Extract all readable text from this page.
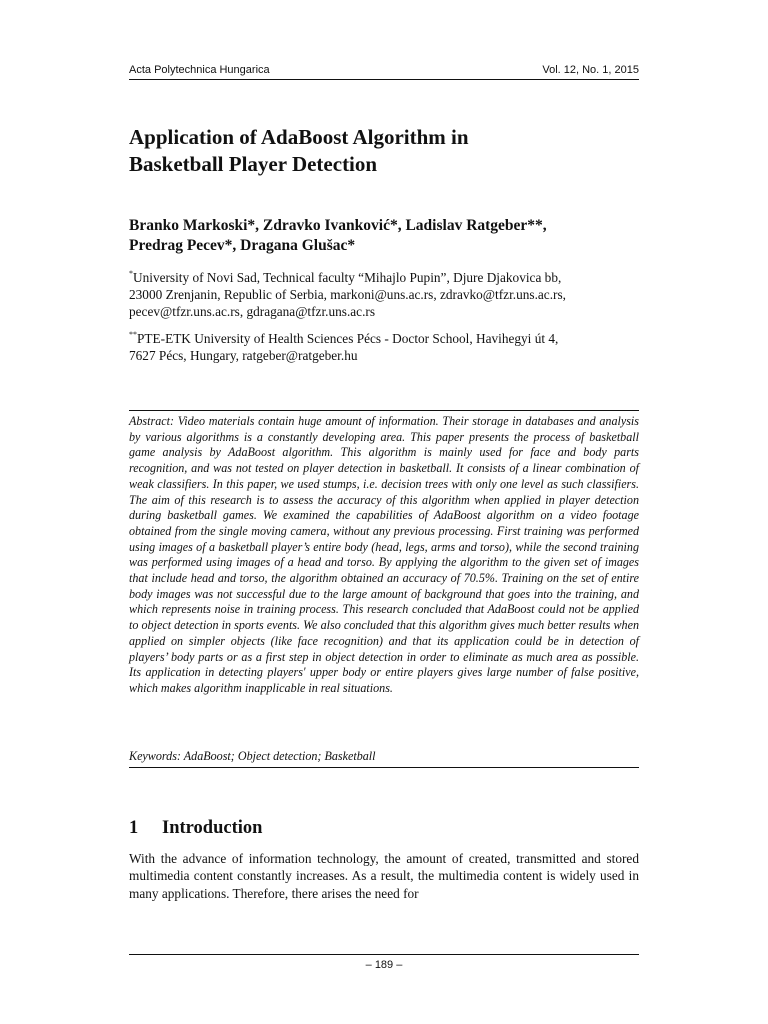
Acta Polytechnica Hungarica	Vol. 12, No. 1, 2015
Application of AdaBoost Algorithm in
Basketball Player Detection

Branko Markoski*, Zdravko Ivanković*, Ladislav Ratgeber**,
Predrag Pecev*, Dragana Glušac*

*University of Novi Sad, Technical faculty “Mihajlo Pupin”, Djure Djakovica bb,
23000 Zrenjanin, Republic of Serbia, markoni@uns.ac.rs, zdravko@tfzr.uns.ac.rs,
pecev@tfzr.uns.ac.rs, gdragana@tfzr.uns.ac.rs

**PTE-ETK University of Health Sciences Pécs - Doctor School, Havihegyi út 4,
7627 Pécs, Hungary, ratgeber@ratgeber.hu

Abstract: Video materials contain huge amount of information. Their storage in databases and analysis by various algorithms is a constantly developing area. This paper presents the process of basketball game analysis by AdaBoost algorithm. This algorithm is mainly used for face and body parts recognition, and was not tested on player detection in basketball. It consists of a linear combination of weak classifiers. In this paper, we used stumps, i.e. decision trees with only one level as such classifiers. The aim of this research is to assess the accuracy of this algorithm when applied in player detection during basketball games. We examined the capabilities of AdaBoost algorithm on a video footage obtained from the single moving camera, without any previous processing. First training was performed using images of a basketball player’s entire body (head, legs, arms and torso), while the second training was performed using images of a head and torso. By applying the algorithm to the given set of images that include head and torso, the algorithm obtained an accuracy of 70.5%. Training on the set of entire body images was not successful due to the large amount of background that goes into the training, and which represents noise in training process. This research concluded that AdaBoost could not be applied to object detection in sports events. We also concluded that this algorithm gives much better results when applied on simpler objects (like face recognition) and that its application could be in detection of players’ body parts or as a first step in object detection in order to eliminate as much area as possible. Its application in detecting players' upper body or entire players gives large number of false positive, which makes algorithm inapplicable in real situations.

Keywords: AdaBoost; Object detection; Basketball

1 Introduction

With the advance of information technology, the amount of created, transmitted and stored multimedia content constantly increases. As a result, the multimedia content is widely used in many applications. Therefore, there arises the need for

– 189 –
